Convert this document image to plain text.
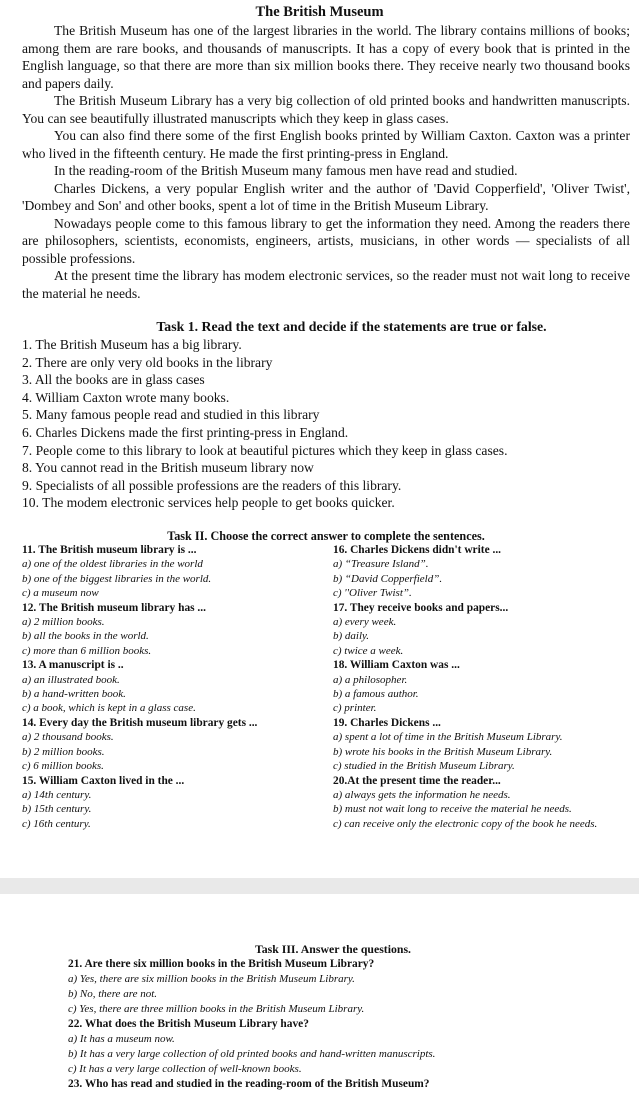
The British Museum

The British Museum has one of the largest libraries in the world. The library contains millions of books; among them are rare books, and thousands of manuscripts. It has a copy of every book that is printed in the English language, so that there are more than six million books there. They receive nearly two thousand books and papers daily.

The British Museum Library has a very big collection of old printed books and handwritten manuscripts. You can see beautifully illustrated manuscripts which they keep in glass cases.

You can also find there some of the first English books printed by William Caxton. Caxton was a printer who lived in the fifteenth century. He made the first printing-press in England.

In the reading-room of the British Museum many famous men have read and studied.

Charles Dickens, a very popular English writer and the author of 'David Copperfield', 'Oliver Twist', 'Dombey and Son' and other books, spent a lot of time in the British Museum Library.

Nowadays people come to this famous library to get the information they need. Among the readers there are philosophers, scientists, economists, engineers, artists, musicians, in other words — specialists of all possible professions.

At the present time the library has modem electronic services, so the reader must not wait long to receive the material he needs.

Task 1. Read the text and decide if the statements are true or false.
1. The British Museum has a big library.
2. There are only very old books in the library
3. All the books are in glass cases
4. William Caxton wrote many books.
5. Many famous people read and studied in this library
6. Charles Dickens made the first printing-press in England.
7. People come to this library to look at beautiful pictures which they keep in glass cases.
8. You cannot read in the British museum library now
9. Specialists of all possible professions are the readers of this library.
10. The modem electronic services help people to get books quicker.
Task II. Choose the correct answer to complete the sentences.
11. The British museum library is ...
a) one of the oldest libraries in the world
b) one of the biggest libraries in the world.
c) a museum now
12. The British museum library has ...
a) 2 million books.
b) all the books in the world.
c) more than 6 million books.
13. A manuscript is ..
a) an illustrated book.
b) a hand-written book.
c) a book, which is kept in a glass case.
14. Every day the British museum library gets ...
a) 2 thousand books.
b) 2 million books.
c) 6 million books.
15. William Caxton lived in the ...
a) 14th century.
b) 15th century.
c) 16th century.
16. Charles Dickens didn't write ...
a) “Treasure Island”.
b) “David Copperfield”.
c) ''Oliver Twist”.
17. They receive books and papers...
a) every week.
b) daily.
c) twice a week.
18. William Caxton was ...
a) a philosopher.
b) a famous author.
c) printer.
19. Charles Dickens ...
a) spent a lot of time in the British Museum Library.
b) wrote his books in the British Museum Library.
c) studied in the British Museum Library.
20.At the present time the reader...
a) always gets the information he needs.
b) must not wait long to receive the material he needs.
c) can receive only the electronic copy of the book he needs.
Task III. Answer the questions.
21. Are there six million books in the British Museum Library?
a) Yes, there are six million books in the British Museum Library.
b) No, there are not.
c) Yes, there are three million books in the British Museum Library.
22. What does the British Museum Library have?
a) It has a museum now.
b) It has a very large collection of old printed books and hand-written manuscripts.
c) It has a very large collection of well-known books.
23. Who has read and studied in the reading-room of the British Museum?
